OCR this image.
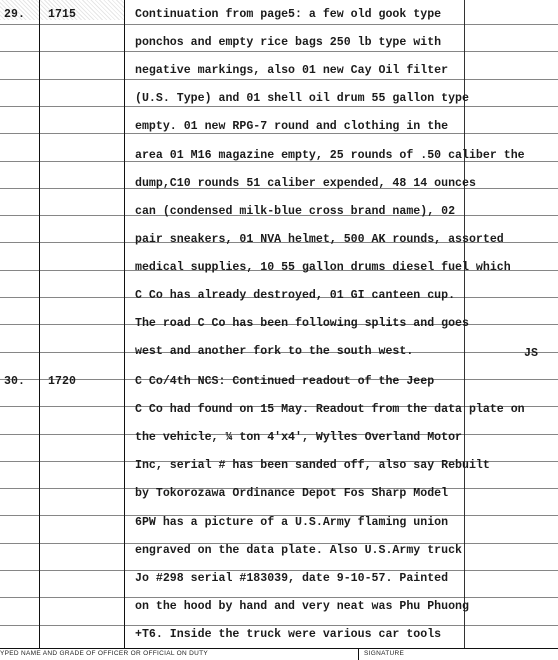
29.	1715	Continuation from page5: a few old gook type
ponchos and empty rice bags 250 lb type with
negative markings, also 01 new Cay Oil filter
(U.S. Type) and 01 shell oil drum 55 gallon type
empty. 01 new RPG-7 round and clothing in the
area 01 M16 magazine empty, 25 rounds of .50 caliber the
dump,C10 rounds 51 caliber expended, 48 14 ounces
can (condensed milk-blue cross brand name), 02
pair sneakers, 01 NVA helmet, 500 AK rounds, assorted
medical supplies, 10 55 gallon drums diesel fuel which
C Co has already destroyed, 01 GI canteen cup.
The road C Co has been following splits and goes
west and another fork to the south west.	JS
30.	1720	C Co/4th NCS: Continued readout of the Jeep
C Co had found on 15 May. Readout from the data plate on
the vehicle, ¼ ton 4'x4', Wylles Overland Motor
Inc, serial # has been sanded off, also say Rebuilt
by Tokorozawa Ordinance Depot Fos Sharp Model
6PW has a picture of a U.S.Army flaming union
engraved on the data plate. Also U.S.Army truck
Jo #298 serial #183039, date 9-10-57. Painted
on the hood by hand and very neat was Phu Phuong
+T6. Inside the truck were various car tools
YPED NAME AND GRADE OF OFFICER OR OFFICIAL ON DUTY	SIGNATURE
